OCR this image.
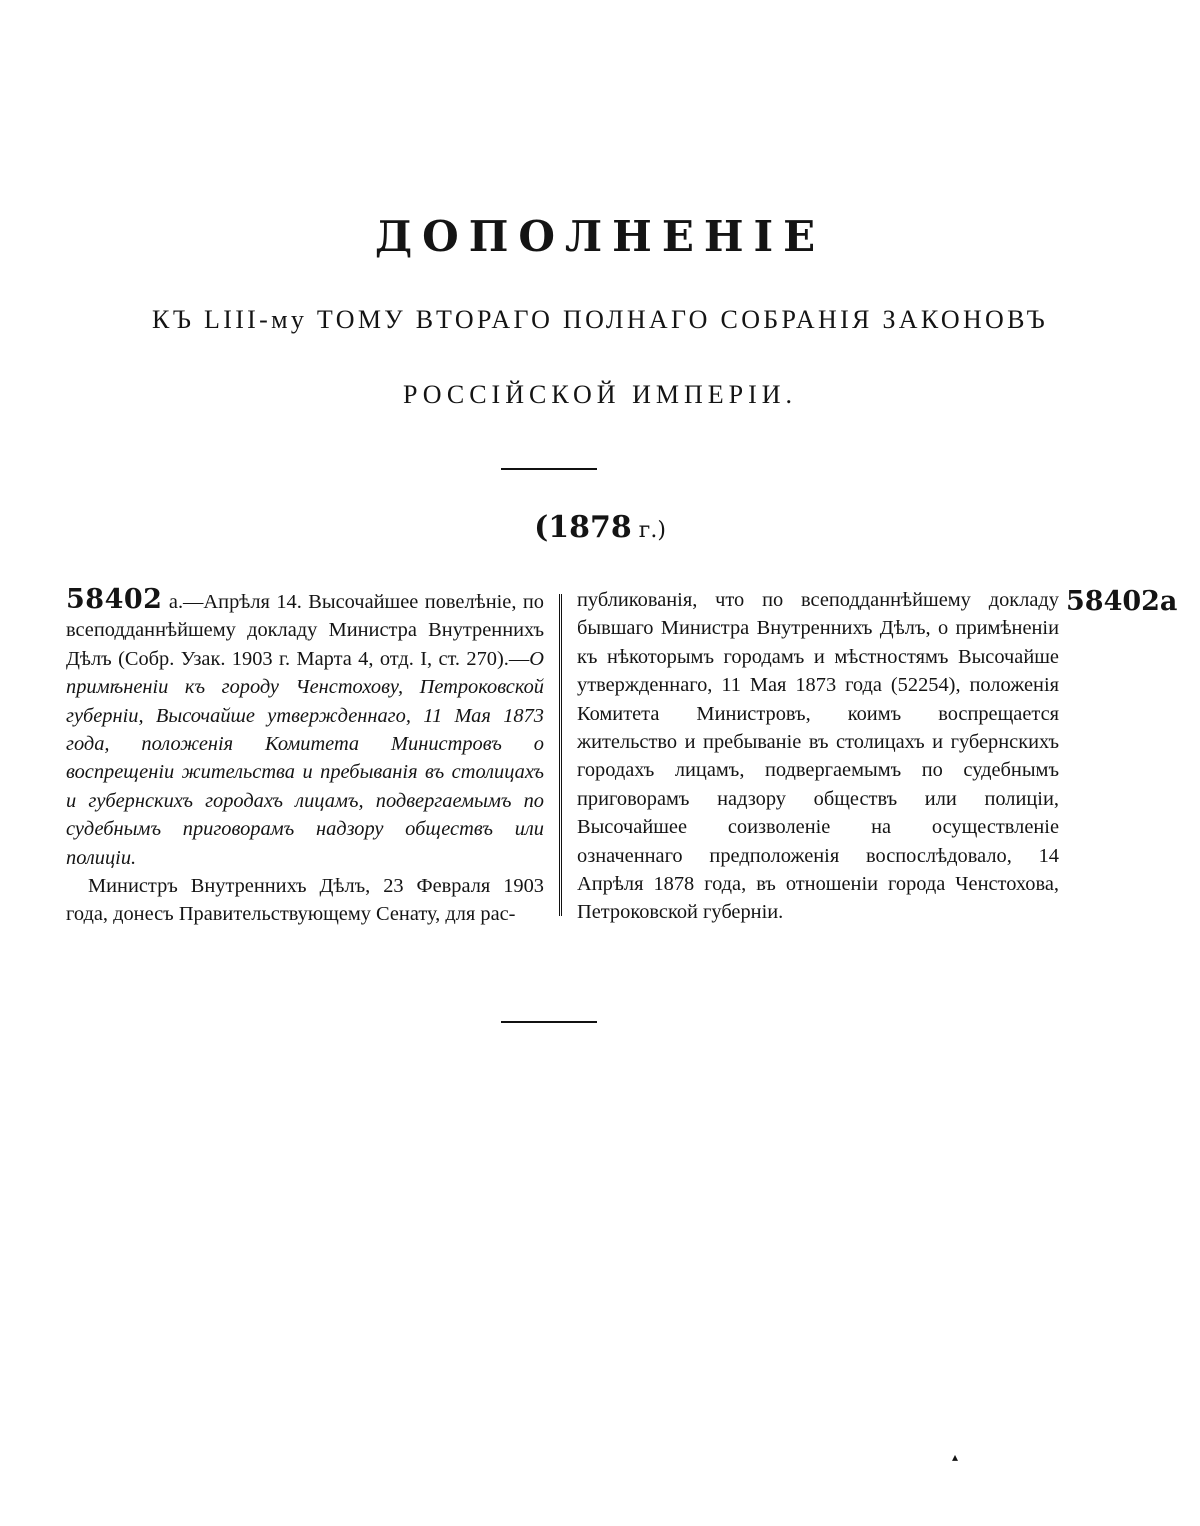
ДОПОЛНЕНІЕ
КЪ LIII-му ТОМУ ВТОРАГО ПОЛНАГО СОБРАНІЯ ЗАКОНОВЪ
РОССІЙСКОЙ ИМПЕРІИ.
(1878 г.)

58402 а.—Апрѣля 14. Высочайшее повелѣніе, по всеподданнѣйшему докладу Министра Внутреннихъ Дѣлъ (Собр. Узак. 1903 г. Марта 4, отд. I, ст. 270).—О примѣненіи къ городу Ченстохову, Петроковской губерніи, Высочайше утвержденнаго, 11 Мая 1873 года, положенія Комитета Министровъ о воспрещеніи жительства и пребыванія въ столицахъ и губернскихъ городахъ лицамъ, подвергаемымъ по судебнымъ приговорамъ надзору обществъ или полиціи.

Министръ Внутреннихъ Дѣлъ, 23 Февраля 1903 года, донесъ Правительствующему Сенату, для рас-

публикованія, что по всеподданнѣйшему докладу бывшаго Министра Внутреннихъ Дѣлъ, о примѣненіи къ нѣкоторымъ городамъ и мѣстностямъ Высочайше утвержденнаго, 11 Мая 1873 года (52254), положенія Комитета Министровъ, коимъ воспрещается жительство и пребываніе въ столицахъ и губернскихъ городахъ лицамъ, подвергаемымъ по судебнымъ приговорамъ надзору обществъ или полиціи, Высочайшее соизволеніе на осуществленіе означеннаго предположенія воспослѣдовало, 14 Апрѣля 1878 года, въ отношеніи города Ченстохова, Петроковской губерніи.

58402а
▴
